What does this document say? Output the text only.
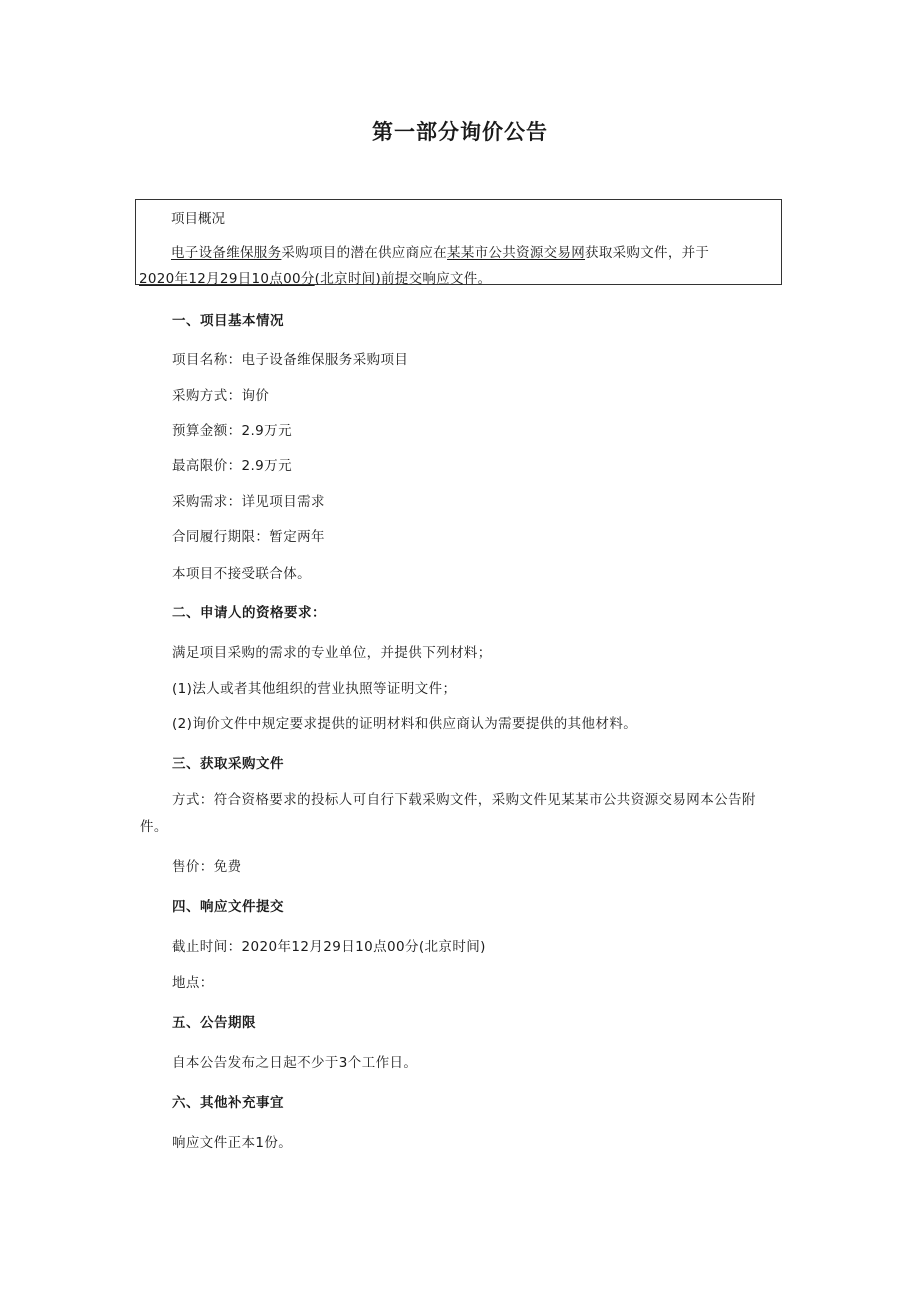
第一部分询价公告
项目概况
电子设备维保服务采购项目的潜在供应商应在某某市公共资源交易网获取采购文件，并于
2020年12月29日10点00分(北京时间)前提交响应文件。
一、项目基本情况
项目名称：电子设备维保服务采购项目
采购方式：询价
预算金额：2.9万元
最高限价：2.9万元
采购需求：详见项目需求
合同履行期限：暂定两年
本项目不接受联合体。
二、申请人的资格要求：
满足项目采购的需求的专业单位，并提供下列材料；
(1)法人或者其他组织的营业执照等证明文件；
(2)询价文件中规定要求提供的证明材料和供应商认为需要提供的其他材料。
三、获取采购文件
方式：符合资格要求的投标人可自行下载采购文件，采购文件见某某市公共资源交易网本公告附件。
售价：免费
四、响应文件提交
截止时间：2020年12月29日10点00分(北京时间)
地点：
五、公告期限
自本公告发布之日起不少于3个工作日。
六、其他补充事宜
响应文件正本1份。
